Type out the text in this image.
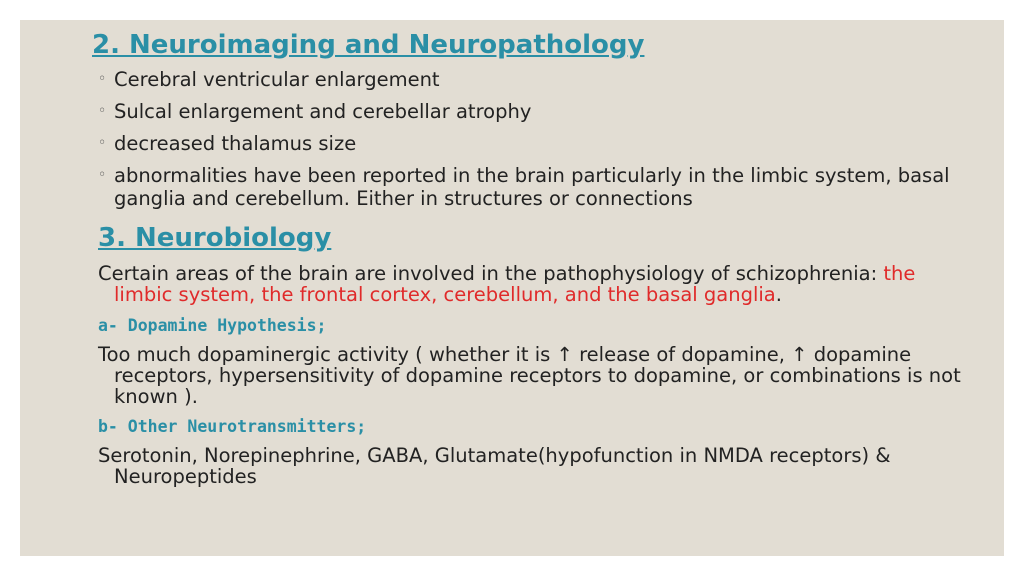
2. Neuroimaging and Neuropathology
◦ Cerebral ventricular enlargement
◦ Sulcal enlargement and cerebellar atrophy
◦ decreased thalamus size
◦ abnormalities have been reported in the brain particularly in the limbic system, basal ganglia and cerebellum. Either in structures or connections
3. Neurobiology
Certain areas of the brain are involved in the pathophysiology of schizophrenia: the limbic system, the frontal cortex, cerebellum, and the basal ganglia.
a- Dopamine Hypothesis;
Too much dopaminergic activity ( whether it is ↑ release of dopamine, ↑ dopamine receptors, hypersensitivity of dopamine receptors to dopamine, or combinations is not known ).
b- Other Neurotransmitters;
Serotonin, Norepinephrine, GABA, Glutamate(hypofunction in NMDA receptors) & Neuropeptides
